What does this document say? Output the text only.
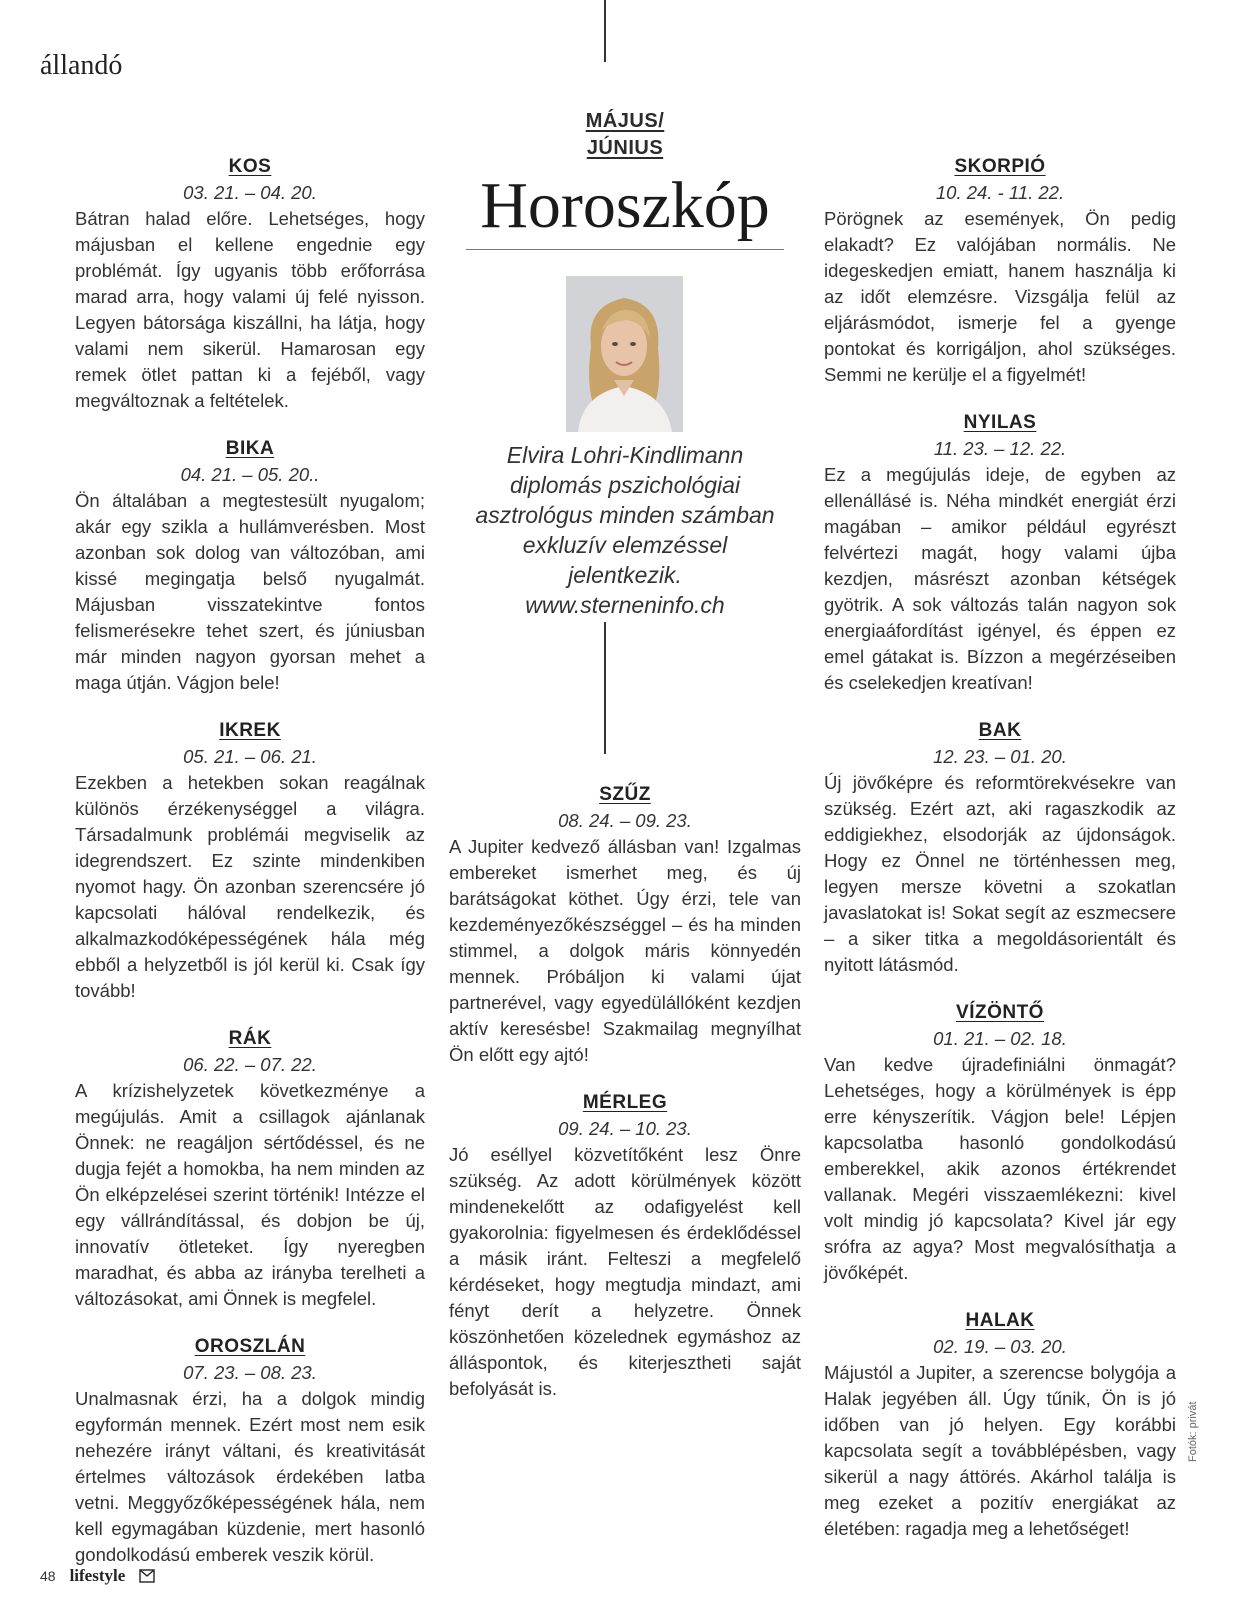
állandó
MÁJUS/
JÚNIUS
Horoszkóp
Elvira Lohri-Kindlimann
diplomás pszichológiai
asztrológus minden számban
exkluzív elemzéssel
jelentkezik.
www.sterneninfo.ch
SZŰZ
08. 24. – 09. 23.
A Jupiter kedvező állásban van! Izgalmas embereket ismerhet meg, és új barátságokat köthet. Úgy érzi, tele van kezdeményezőkészséggel – és ha minden stimmel, a dolgok máris könnyedén mennek. Próbáljon ki valami újat partnerével, vagy egyedülállóként kezdjen aktív keresésbe! Szakmailag megnyílhat Ön előtt egy ajtó!
MÉRLEG
09. 24. – 10. 23.
Jó eséllyel közvetítőként lesz Önre szükség. Az adott körülmények között mindenekelőtt az odafigyelést kell gyakorolnia: figyelmesen és érdeklődéssel a másik iránt. Felteszi a megfelelő kérdéseket, hogy megtudja mindazt, ami fényt derít a helyzetre. Önnek köszönhetően közelednek egymáshoz az álláspontok, és kiterjesztheti saját befolyását is.
KOS
03. 21. – 04. 20.
Bátran halad előre. Lehetséges, hogy májusban el kellene engednie egy problémát. Így ugyanis több erőforrása marad arra, hogy valami új felé nyisson. Legyen bátorsága kiszállni, ha látja, hogy valami nem sikerül. Hamarosan egy remek ötlet pattan ki a fejéből, vagy megváltoznak a feltételek.
BIKA
04. 21. – 05. 20..
Ön általában a megtestesült nyugalom; akár egy szikla a hullámverésben. Most azonban sok dolog van változóban, ami kissé megingatja belső nyugalmát. Májusban visszatekintve fontos felismerésekre tehet szert, és júniusban már minden nagyon gyorsan mehet a maga útján. Vágjon bele!
IKREK
05. 21. – 06. 21.
Ezekben a hetekben sokan reagálnak különös érzékenységgel a világra. Társadalmunk problémái megviselik az idegrendszert. Ez szinte mindenkiben nyomot hagy. Ön azonban szerencsére jó kapcsolati hálóval rendelkezik, és alkalmazkodóképességének hála még ebből a helyzetből is jól kerül ki. Csak így tovább!
RÁK
06. 22. – 07. 22.
A krízishelyzetek következménye a megújulás. Amit a csillagok ajánlanak Önnek: ne reagáljon sértődéssel, és ne dugja fejét a homokba, ha nem minden az Ön elképzelései szerint történik! Intézze el egy vállrándítással, és dobjon be új, innovatív ötleteket. Így nyeregben maradhat, és abba az irányba terelheti a változásokat, ami Önnek is megfelel.
OROSZLÁN
07. 23. – 08. 23.
Unalmasnak érzi, ha a dolgok mindig egyformán mennek. Ezért most nem esik nehezére irányt váltani, és kreativitását értelmes változások érdekében latba vetni. Meggyőzőképességének hála, nem kell egymagában küzdenie, mert hasonló gondolkodású emberek veszik körül.
SKORPIÓ
10. 24. - 11. 22.
Pörögnek az események, Ön pedig elakadt? Ez valójában normális. Ne idegeskedjen emiatt, hanem használja ki az időt elemzésre. Vizsgálja felül az eljárásmódot, ismerje fel a gyenge pontokat és korrigáljon, ahol szükséges. Semmi ne kerülje el a figyelmét!
NYILAS
11. 23. – 12. 22.
Ez a megújulás ideje, de egyben az ellenállásé is. Néha mindkét energiát érzi magában – amikor például egyrészt felvértezi magát, hogy valami újba kezdjen, másrészt azonban kétségek gyötrik. A sok változás talán nagyon sok energiaáfordítást igényel, és éppen ez emel gátakat is. Bízzon a megérzéseiben és cselekedjen kreatívan!
BAK
12. 23. – 01. 20.
Új jövőképre és reformtörekvésekre van szükség. Ezért azt, aki ragaszkodik az eddigiekhez, elsodorják az újdonságok. Hogy ez Önnel ne történhessen meg, legyen mersze követni a szokatlan javaslatokat is! Sokat segít az eszmecsere – a siker titka a megoldásorientált és nyitott látásmód.
VÍZÖNTŐ
01. 21. – 02. 18.
Van kedve újradefiniálni önmagát? Lehetséges, hogy a körülmények is épp erre kényszerítik. Vágjon bele! Lépjen kapcsolatba hasonló gondolkodású emberekkel, akik azonos értékrendet vallanak. Megéri visszaemlékezni: kivel volt mindig jó kapcsolata? Kivel jár egy srófra az agya? Most megvalósíthatja a jövőképét.
HALAK
02. 19. – 03. 20.
Májustól a Jupiter, a szerencse bolygója a Halak jegyében áll. Úgy tűnik, Ön is jó időben van jó helyen. Egy korábbi kapcsolata segít a továbblépésben, vagy sikerül a nagy áttörés. Akárhol találja is meg ezeket a pozitív energiákat az életében: ragadja meg a lehetőséget!
Fotók: privát
48 lifestyle
